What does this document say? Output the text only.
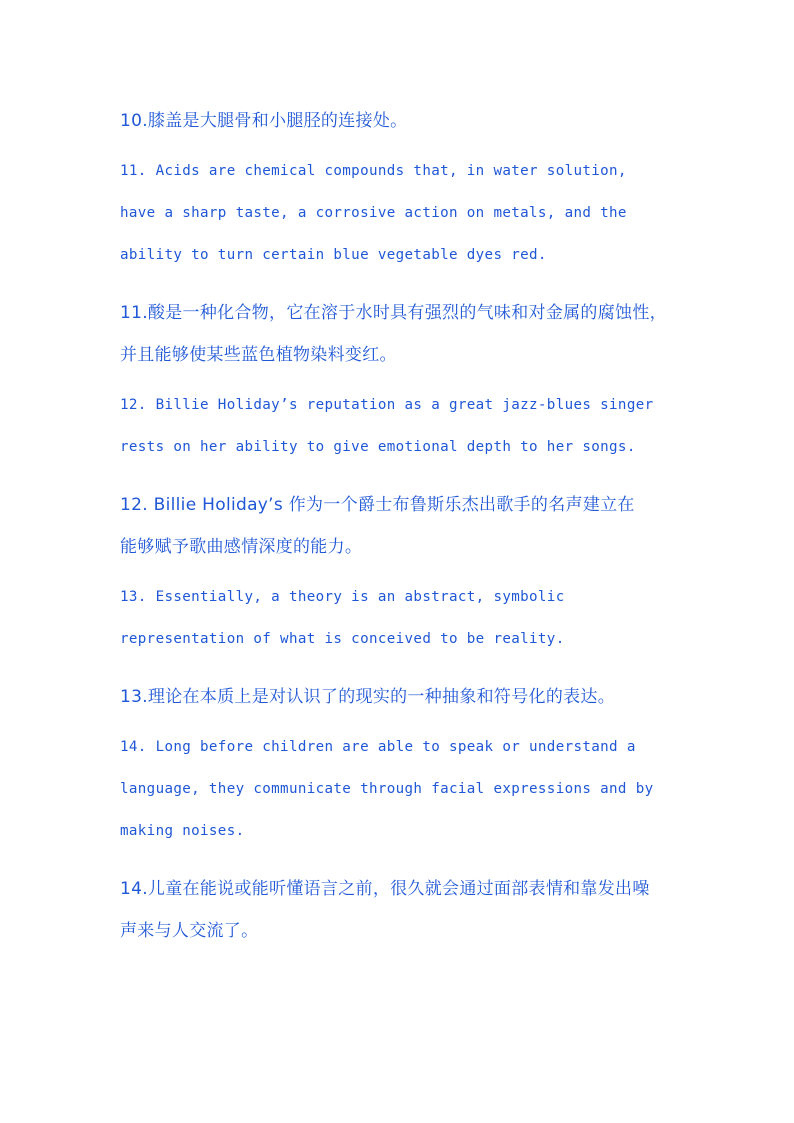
10.膝盖是大腿骨和小腿胫的连接处。
11. Acids are chemical compounds that, in water solution,
have a sharp taste, a corrosive action on metals, and the
ability to turn certain blue vegetable dyes red.
11.酸是一种化合物，它在溶于水时具有强烈的气味和对金属的腐蚀性，
并且能够使某些蓝色植物染料变红。
12. Billie Holiday’s reputation as a great jazz-blues singer
rests on her ability to give emotional depth to her songs.
12. Billie Holiday’s 作为一个爵士布鲁斯乐杰出歌手的名声建立在
能够赋予歌曲感情深度的能力。
13. Essentially, a theory is an abstract, symbolic
representation of what is conceived to be reality.
13.理论在本质上是对认识了的现实的一种抽象和符号化的表达。
14. Long before children are able to speak or understand a
language, they communicate through facial expressions and by
making noises.
14.儿童在能说或能听懂语言之前，很久就会通过面部表情和靠发出噪
声来与人交流了。
